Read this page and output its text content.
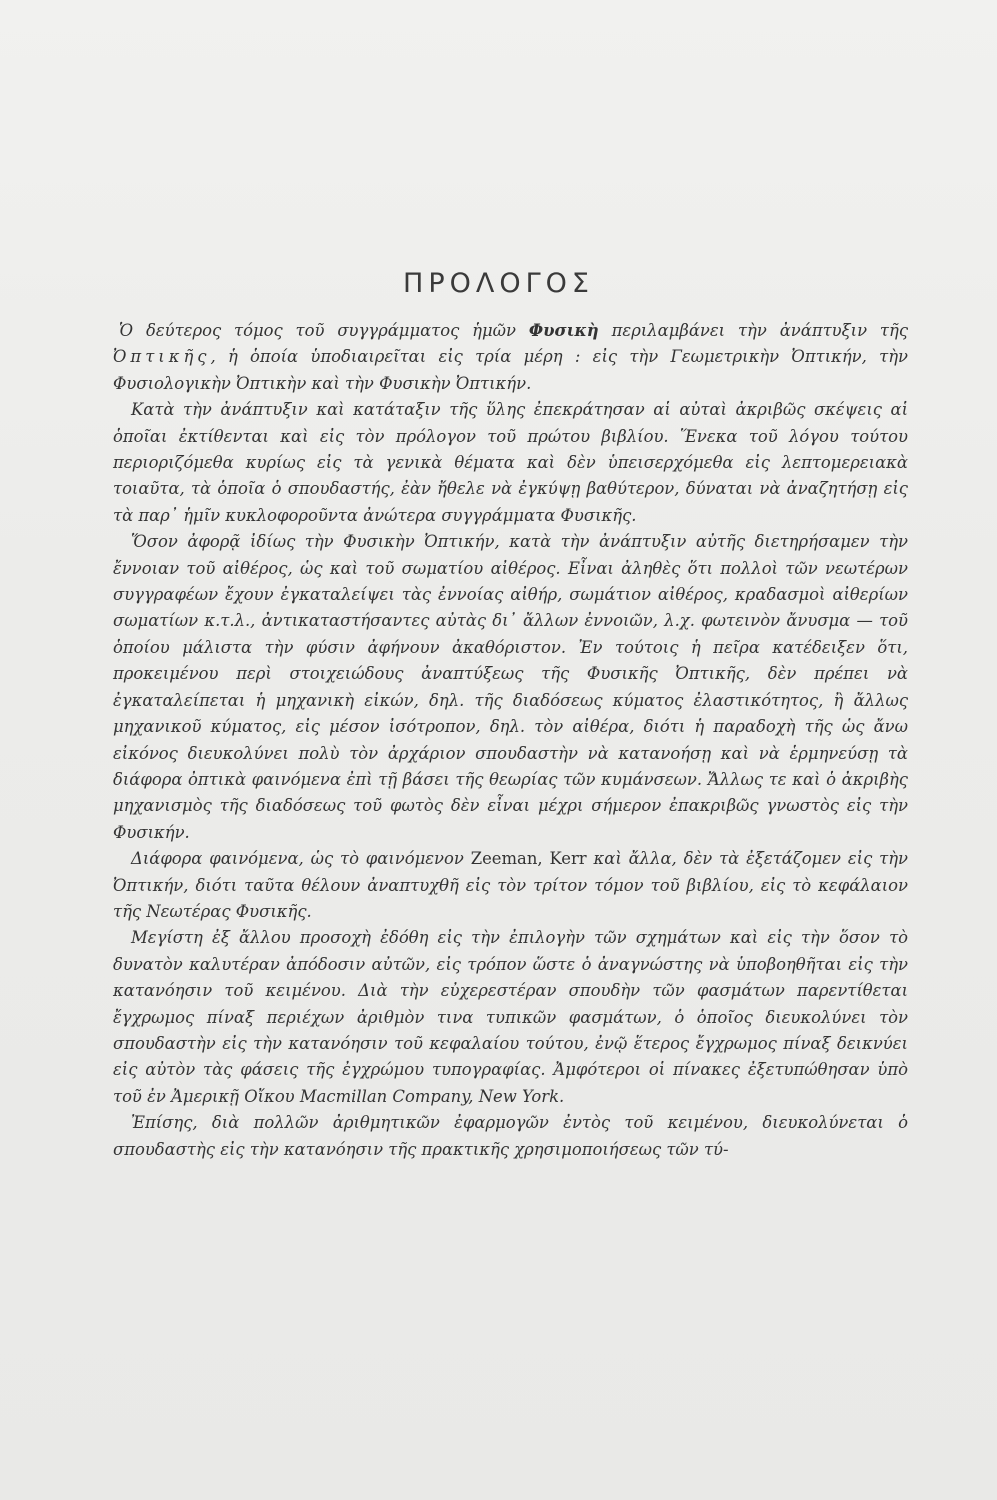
ΠΡΟΛΟΓΟΣ

Ὁ δεύτερος τόμος τοῦ συγγράμματος ἡμῶν Φυσικὴ περιλαμβάνει τὴν ἀνάπτυξιν τῆς Ὀπτικῆς, ἡ ὁποία ὑποδιαιρεῖται εἰς τρία μέρη : εἰς τὴν Γεωμετρικὴν Ὀπτικήν, τὴν Φυσιολογικὴν Ὀπτικὴν καὶ τὴν Φυσικὴν Ὀπτικήν.

Κατὰ τὴν ἀνάπτυξιν καὶ κατάταξιν τῆς ὕλης ἐπεκράτησαν αἱ αὐταὶ ἀκριβῶς σκέψεις αἱ ὁποῖαι ἐκτίθενται καὶ εἰς τὸν πρόλογον τοῦ πρώτου βιβλίου. Ἕνεκα τοῦ λόγου τούτου περιοριζόμεθα κυρίως εἰς τὰ γενικὰ θέματα καὶ δὲν ὑπεισερχόμεθα εἰς λεπτομερειακὰ τοιαῦτα, τὰ ὁποῖα ὁ σπουδαστής, ἐὰν ἤθελε νὰ ἐγκύψῃ βαθύτερον, δύναται νὰ ἀναζητήσῃ εἰς τὰ παρ᾽ ἡμῖν κυκλοφοροῦντα ἀνώτερα συγγράμματα Φυσικῆς.

Ὅσον ἀφορᾷ ἰδίως τὴν Φυσικὴν Ὀπτικήν, κατὰ τὴν ἀνάπτυξιν αὐτῆς διετηρήσαμεν τὴν ἔννοιαν τοῦ αἰθέρος, ὡς καὶ τοῦ σωματίου αἰθέρος. Εἶναι ἀληθὲς ὅτι πολλοὶ τῶν νεωτέρων συγγραφέων ἔχουν ἐγκαταλείψει τὰς ἐννοίας αἰθήρ, σωμάτιον αἰθέρος, κραδασμοὶ αἰθερίων σωματίων κ.τ.λ., ἀντικαταστήσαντες αὐτὰς δι᾽ ἄλλων ἐννοιῶν, λ.χ. φωτεινὸν ἄνυσμα — τοῦ ὁποίου μάλιστα τὴν φύσιν ἀφήνουν ἀκαθόριστον. Ἐν τούτοις ἡ πεῖρα κατέδειξεν ὅτι, προκειμένου περὶ στοιχειώδους ἀναπτύξεως τῆς Φυσικῆς Ὀπτικῆς, δὲν πρέπει νὰ ἐγκαταλείπεται ἡ μηχανικὴ εἰκών, δηλ. τῆς διαδόσεως κύματος ἐλαστικότητος, ἢ ἄλλως μηχανικοῦ κύματος, εἰς μέσον ἰσότροπον, δηλ. τὸν αἰθέρα, διότι ἡ παραδοχὴ τῆς ὡς ἄνω εἰκόνος διευκολύνει πολὺ τὸν ἀρχάριον σπουδαστὴν νὰ κατανοήσῃ καὶ νὰ ἑρμηνεύσῃ τὰ διάφορα ὀπτικὰ φαινόμενα ἐπὶ τῇ βάσει τῆς θεωρίας τῶν κυμάνσεων. Ἄλλως τε καὶ ὁ ἀκριβὴς μηχανισμὸς τῆς διαδόσεως τοῦ φωτὸς δὲν εἶναι μέχρι σήμερον ἐπακριβῶς γνωστὸς εἰς τὴν Φυσικήν.

Διάφορα φαινόμενα, ὡς τὸ φαινόμενον Zeeman, Kerr καὶ ἄλλα, δὲν τὰ ἐξετάζομεν εἰς τὴν Ὀπτικήν, διότι ταῦτα θέλουν ἀναπτυχθῆ εἰς τὸν τρίτον τόμον τοῦ βιβλίου, εἰς τὸ κεφάλαιον τῆς Νεωτέρας Φυσικῆς.

Μεγίστη ἐξ ἄλλου προσοχὴ ἐδόθη εἰς τὴν ἐπιλογὴν τῶν σχημάτων καὶ εἰς τὴν ὅσον τὸ δυνατὸν καλυτέραν ἀπόδοσιν αὐτῶν, εἰς τρόπον ὥστε ὁ ἀναγνώστης νὰ ὑποβοηθῆται εἰς τὴν κατανόησιν τοῦ κειμένου. Διὰ τὴν εὐχερεστέραν σπουδὴν τῶν φασμάτων παρεντίθεται ἔγχρωμος πίναξ περιέχων ἀριθμὸν τινα τυπικῶν φασμάτων, ὁ ὁποῖος διευκολύνει τὸν σπουδαστὴν εἰς τὴν κατανόησιν τοῦ κεφαλαίου τούτου, ἐνῷ ἕτερος ἔγχρωμος πίναξ δεικνύει εἰς αὐτὸν τὰς φάσεις τῆς ἐγχρώμου τυπογραφίας. Ἀμφότεροι οἱ πίνακες ἐξετυπώθησαν ὑπὸ τοῦ ἐν Ἀμερικῇ Οἴκου Macmillan Company, New York.

Ἐπίσης, διὰ πολλῶν ἀριθμητικῶν ἐφαρμογῶν ἐντὸς τοῦ κειμένου, διευκολύνεται ὁ σπουδαστὴς εἰς τὴν κατανόησιν τῆς πρακτικῆς χρησιμοποιήσεως τῶν τύ-
